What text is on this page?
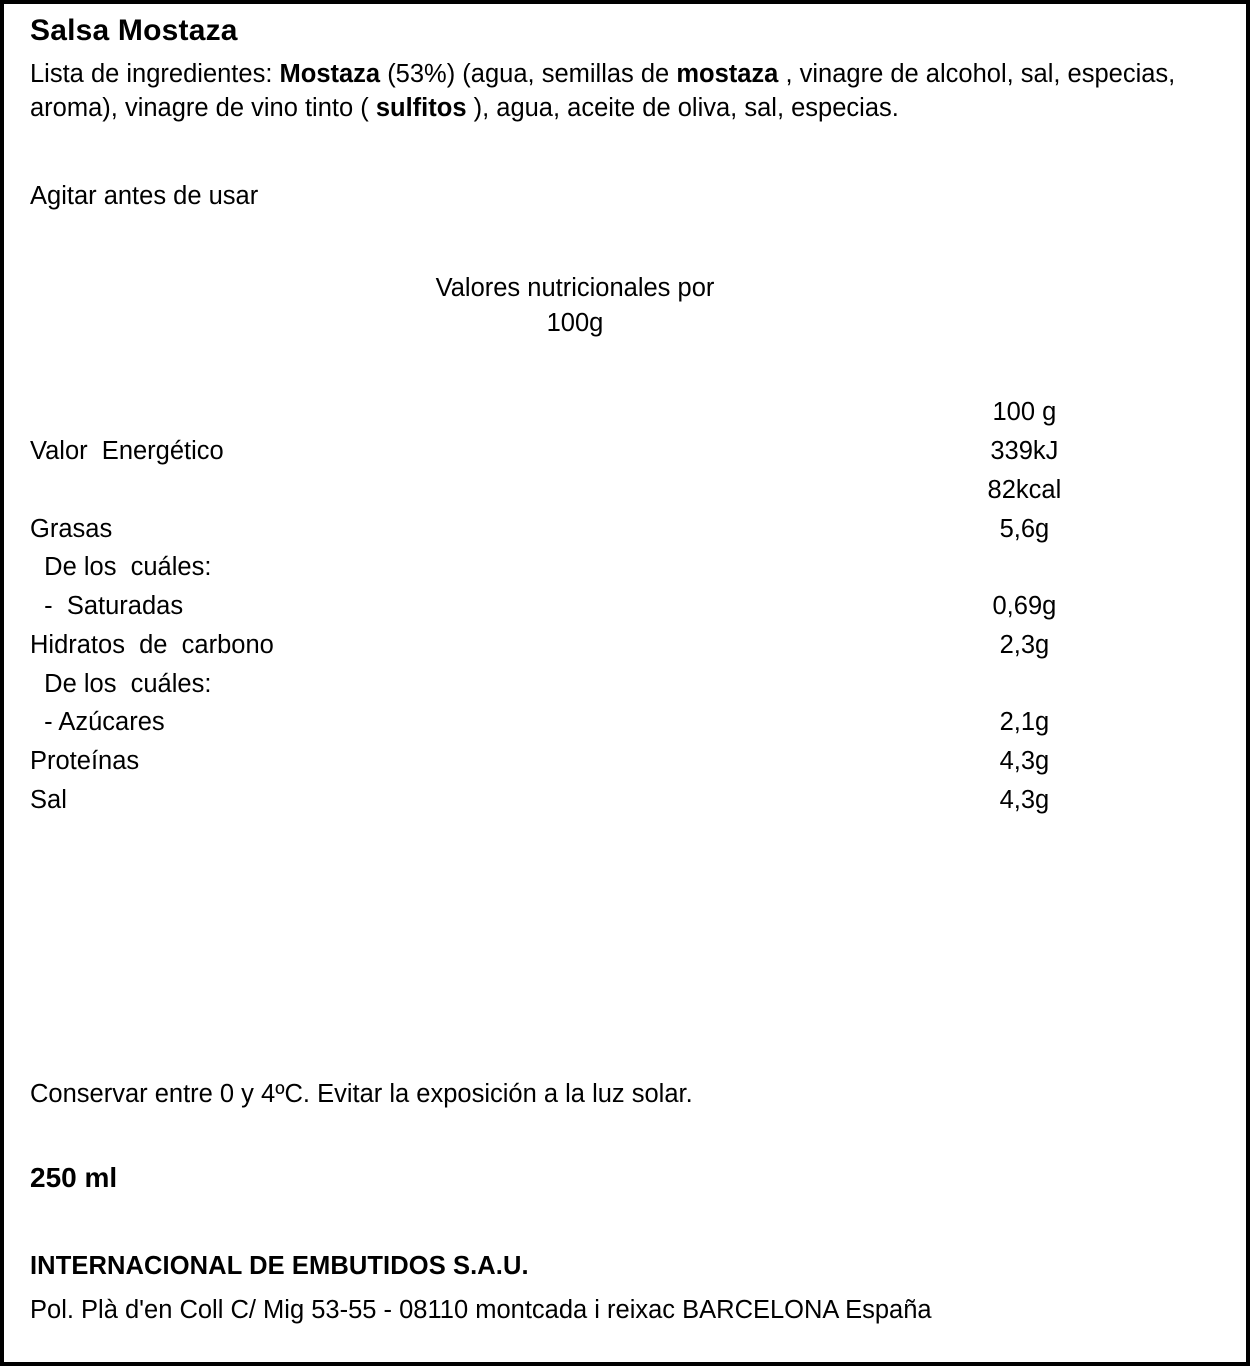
Salsa Mostaza
Lista de ingredientes: Mostaza (53%) (agua, semillas de mostaza , vinagre de alcohol, sal, especias, aroma), vinagre de vino tinto ( sulfitos ), agua, aceite de oliva, sal, especias.
Agitar antes de usar
Valores nutricionales por
100g
	100 g
Valor  Energético	339kJ
	82kcal
Grasas	5,6g
De los  cuáles:	
-  Saturadas	0,69g
Hidratos  de  carbono	2,3g
De los  cuáles:	
- Azúcares	2,1g
Proteínas	4,3g
Sal	4,3g
Conservar entre 0 y 4ºC. Evitar la exposición a la luz solar.
250 ml
INTERNACIONAL DE EMBUTIDOS S.A.U.
Pol. Plà d'en Coll C/ Mig 53-55 - 08110 montcada i reixac BARCELONA España
